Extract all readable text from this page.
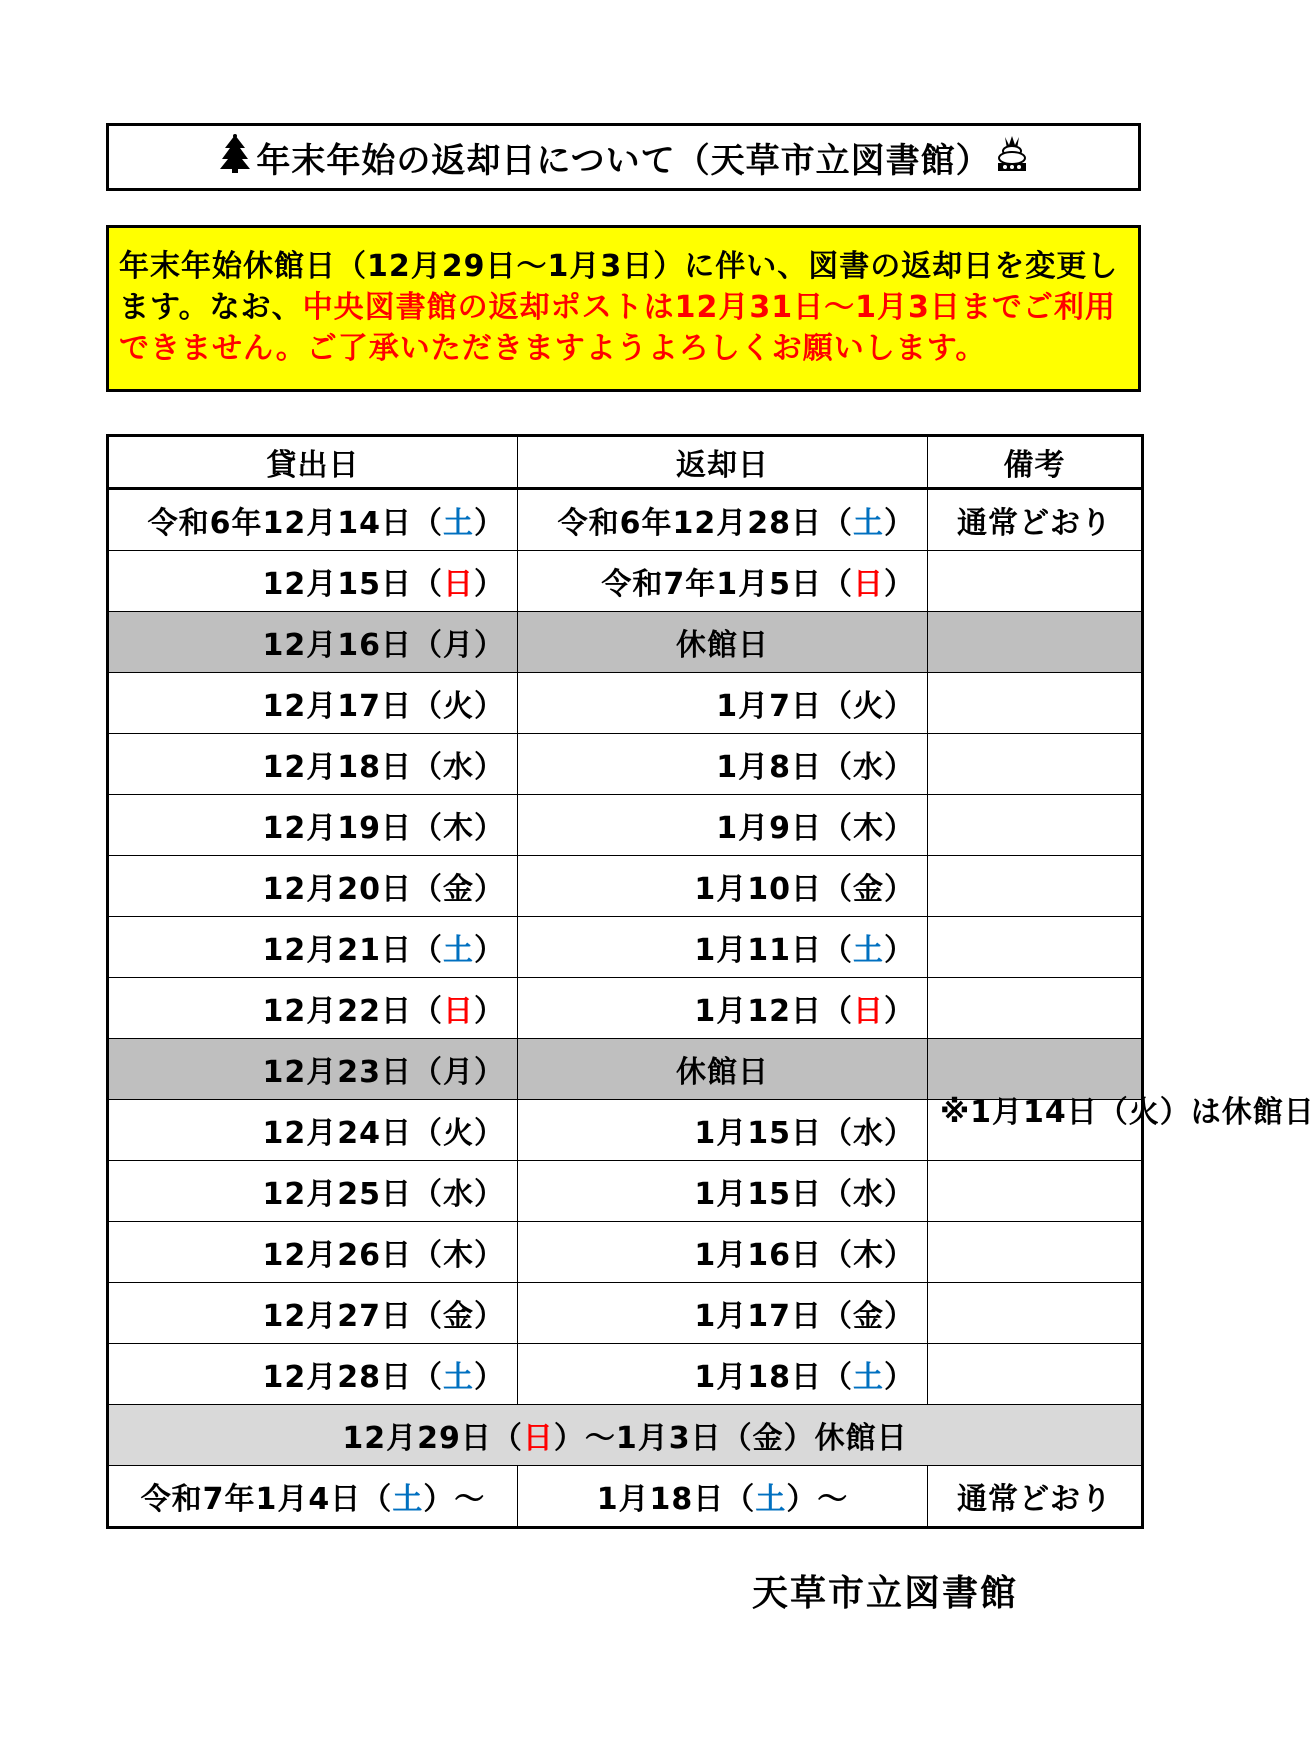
年末年始の返却日について（天草市立図書館）
年末年始休館日（12月29日～1月3日）に伴い、図書の返却日を変更します。なお、中央図書館の返却ポストは12月31日～1月3日までご利用できません。ご了承いただきますようよろしくお願いします。
貸出日	返却日	備考
令和6年12月14日（土）	令和6年12月28日（土）	通常どおり
12月15日（日）	令和7年1月5日（日）	
12月16日（月）	休館日	
12月17日（火）	1月7日（火）	
12月18日（水）	1月8日（水）	
12月19日（木）	1月9日（木）	
12月20日（金）	1月10日（金）	
12月21日（土）	1月11日（土）	
12月22日（日）	1月12日（日）	
12月23日（月）	休館日	
12月24日（火）	1月15日（水）	※1月14日（火）は休館日
12月25日（水）	1月15日（水）	
12月26日（木）	1月16日（木）	
12月27日（金）	1月17日（金）	
12月28日（土）	1月18日（土）	
12月29日（日）～1月3日（金）休館日		
令和7年1月4日（土）～	1月18日（土）～	通常どおり
天草市立図書館
